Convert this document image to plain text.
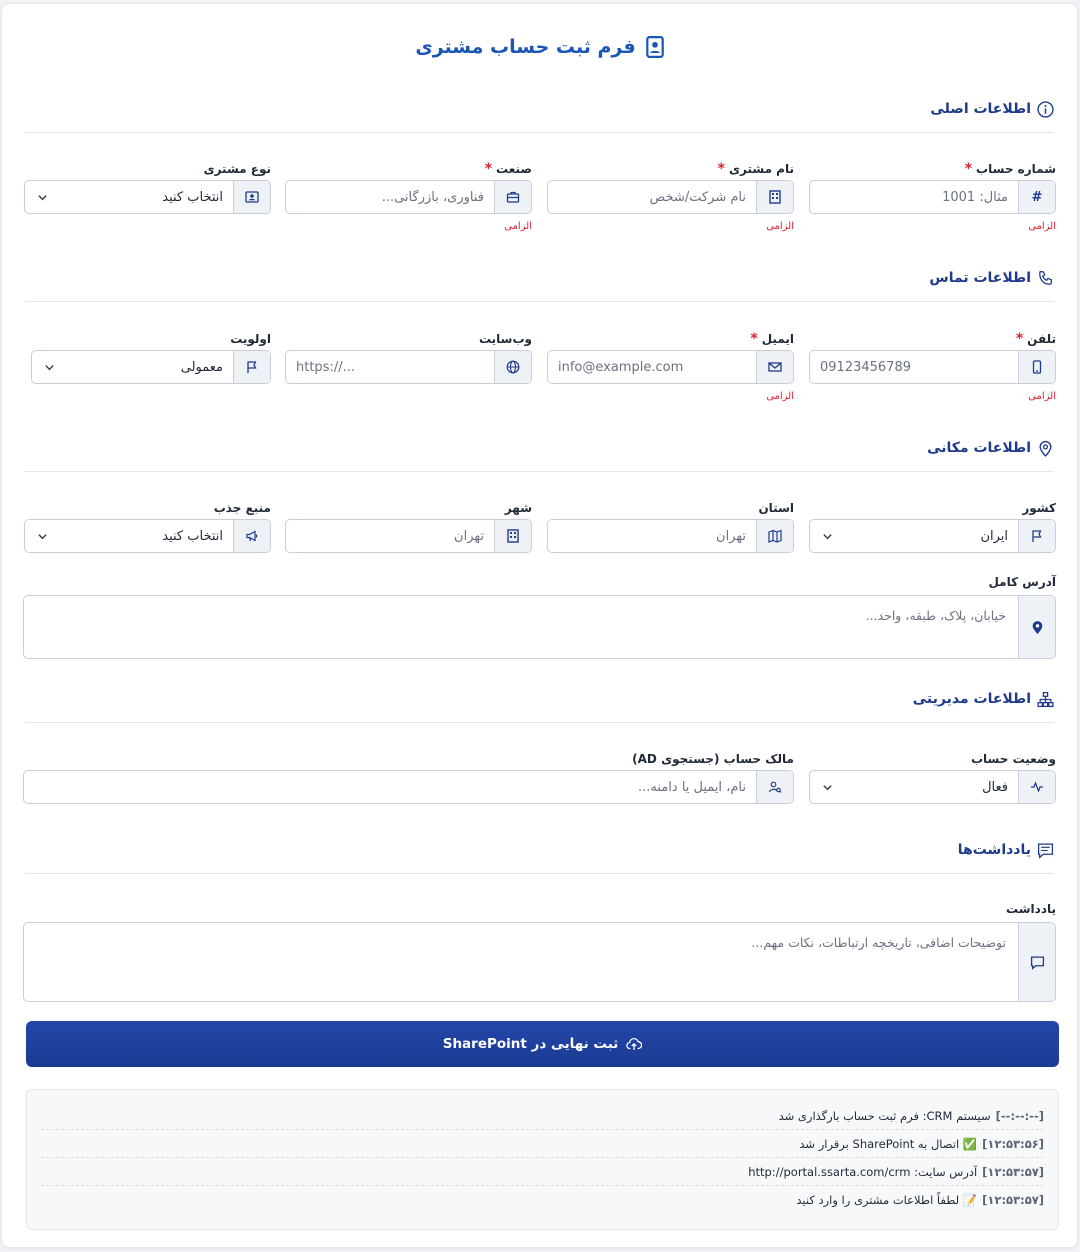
فرم ثبت حساب مشتری
اطلاعات اصلی
شماره حساب
*
#
مثال: 1001
الزامی
نام مشتری
*
نام شرکت/شخص
الزامی
صنعت
*
فناوری، بازرگانی...
الزامی
نوع مشتری
انتخاب کنید
اطلاعات تماس
تلفن
*
09123456789
الزامی
ایمیل
*
info@example.com
الزامی
وب‌سایت
https://...
اولویت
معمولی
اطلاعات مکانی
کشور
ایران
استان
تهران
شهر
تهران
منبع جذب
انتخاب کنید
آدرس کامل
خیابان، پلاک، طبقه، واحد...
اطلاعات مدیریتی
وضعیت حساب
فعال
مالک حساب (جستجوی AD)
نام، ایمیل یا دامنه...
یادداشت‌ها
یادداشت
توضیحات اضافی، تاریخچه ارتباطات، نکات مهم...
ثبت نهایی در SharePoint
[--:--:--]
سیستم CRM: فرم ثبت حساب بارگذاری شد
[۱۲:۵۳:۵۶]
✅ اتصال به SharePoint برقرار شد
[۱۲:۵۳:۵۷]
آدرس سایت: http://portal.ssarta.com/crm
[۱۲:۵۳:۵۷]
📝 لطفاً اطلاعات مشتری را وارد کنید
